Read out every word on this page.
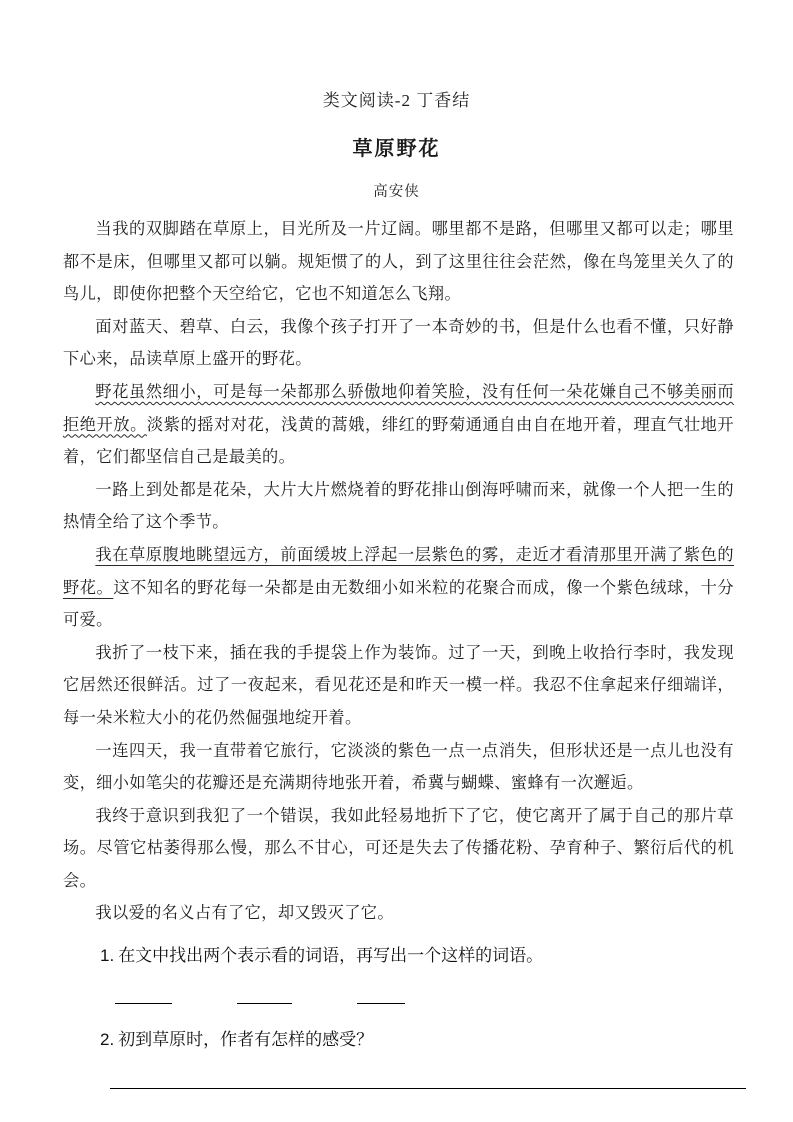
类文阅读-2 丁香结
草原野花
高安侠

当我的双脚踏在草原上，目光所及一片辽阔。哪里都不是路，但哪里又都可以走；哪里都不是床，但哪里又都可以躺。规矩惯了的人，到了这里往往会茫然，像在鸟笼里关久了的鸟儿，即使你把整个天空给它，它也不知道怎么飞翔。

面对蓝天、碧草、白云，我像个孩子打开了一本奇妙的书，但是什么也看不懂，只好静下心来，品读草原上盛开的野花。

野花虽然细小，可是每一朵都那么骄傲地仰着笑脸，没有任何一朵花嫌自己不够美丽而拒绝开放。淡紫的摇对对花，浅黄的蒿娥，绯红的野菊通通自由自在地开着，理直气壮地开着，它们都坚信自己是最美的。

一路上到处都是花朵，大片大片燃烧着的野花排山倒海呼啸而来，就像一个人把一生的热情全给了这个季节。

我在草原腹地眺望远方，前面缓坡上浮起一层紫色的雾，走近才看清那里开满了紫色的野花。这不知名的野花每一朵都是由无数细小如米粒的花聚合而成，像一个紫色绒球，十分可爱。

我折了一枝下来，插在我的手提袋上作为装饰。过了一天，到晚上收拾行李时，我发现它居然还很鲜活。过了一夜起来，看见花还是和昨天一模一样。我忍不住拿起来仔细端详，每一朵米粒大小的花仍然倔强地绽开着。

一连四天，我一直带着它旅行，它淡淡的紫色一点一点消失，但形状还是一点儿也没有变，细小如笔尖的花瓣还是充满期待地张开着，希冀与蝴蝶、蜜蜂有一次邂逅。

我终于意识到我犯了一个错误，我如此轻易地折下了它，使它离开了属于自己的那片草场。尽管它枯萎得那么慢，那么不甘心，可还是失去了传播花粉、孕育种子、繁衍后代的机会。

我以爱的名义占有了它，却又毁灭了它。

1. 在文中找出两个表示看的词语，再写出一个这样的词语。

2. 初到草原时，作者有怎样的感受？
